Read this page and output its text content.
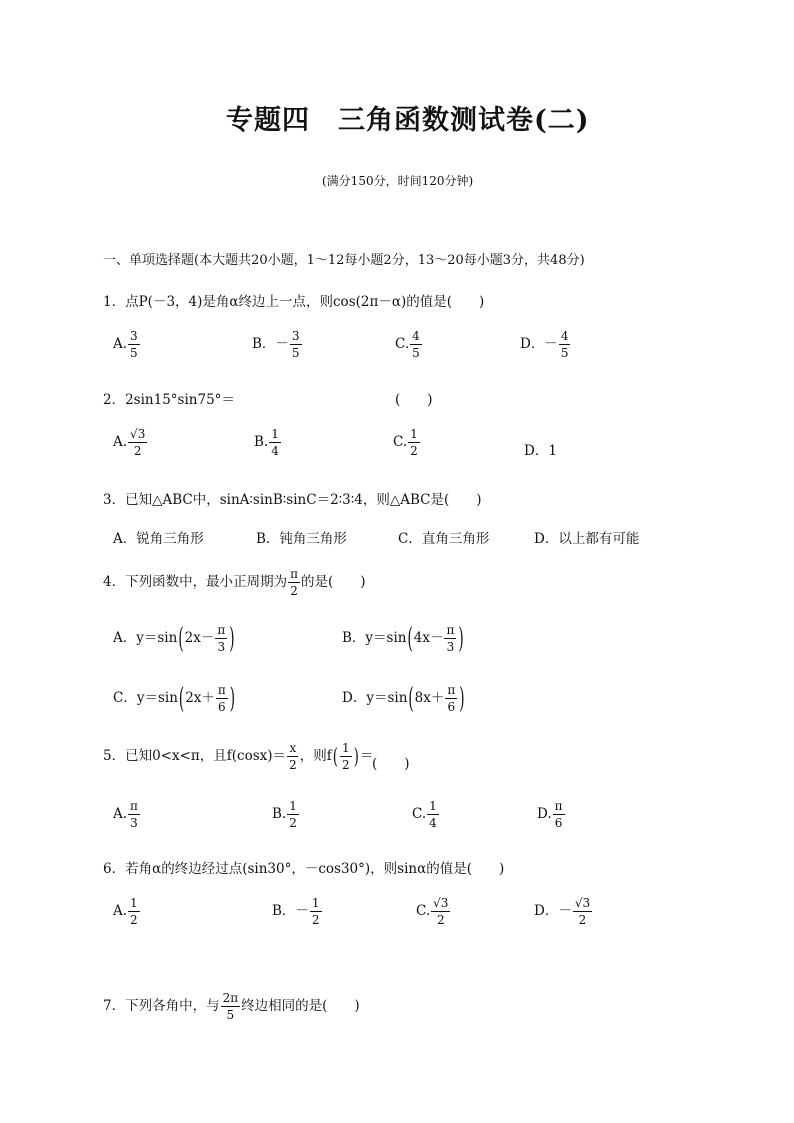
专题四　三角函数测试卷(二)
(满分150分，时间120分钟)
一、单项选择题(本大题共20小题，1～12每小题2分，13～20每小题3分，共48分)
1．点P(－3，4)是角α终边上一点，则cos(2π－α)的值是(　　)
A. $\frac{3}{5}$	B．－ $\frac{3}{5}$	C. $\frac{4}{5}$	D．－ $\frac{4}{5}$
2．2sin15°sin75°＝	(　　)
A. $\frac{√3}{2}$	B. $\frac{1}{4}$	C. $\frac{1}{2}$	D．1
3．已知△ABC中，sinA∶sinB∶sinC＝2∶3∶4，则△ABC是(　　)
A．锐角三角形	B．钝角三角形	C．直角三角形	D．以上都有可能
4．下列函数中，最小正周期为 $\frac{\pi}{2}$ 的是(　　)
A．$y=\sin(2x- \frac{\pi}{3}$ )	B．$y=\sin(4x- \frac{\pi}{3}$ )
C．$y=\sin(2x+ \frac{\pi}{6}$ )	D．$y=\sin(8x+ \frac{\pi}{6}$ )
5．已知0<x<π，且$f(\cos x)= \frac{x}{2}$ ，则$f( \frac{1}{2}$ )＝
(　　)
A. $\frac{\pi}{3}$	B. $\frac{1}{2}$	C. $\frac{1}{4}$	D. $\frac{\pi}{6}$
6．若角α的终边经过点(sin30°，－cos30°)，则sinα的值是(　　)
A. $\frac{1}{2}$	B．－ $\frac{1}{2}$	C. $\frac{√3}{2}$	D．－ $\frac{√3}{2}$
7．下列各角中，与 $\frac{2\pi}{5}$ 终边相同的是(　　)
